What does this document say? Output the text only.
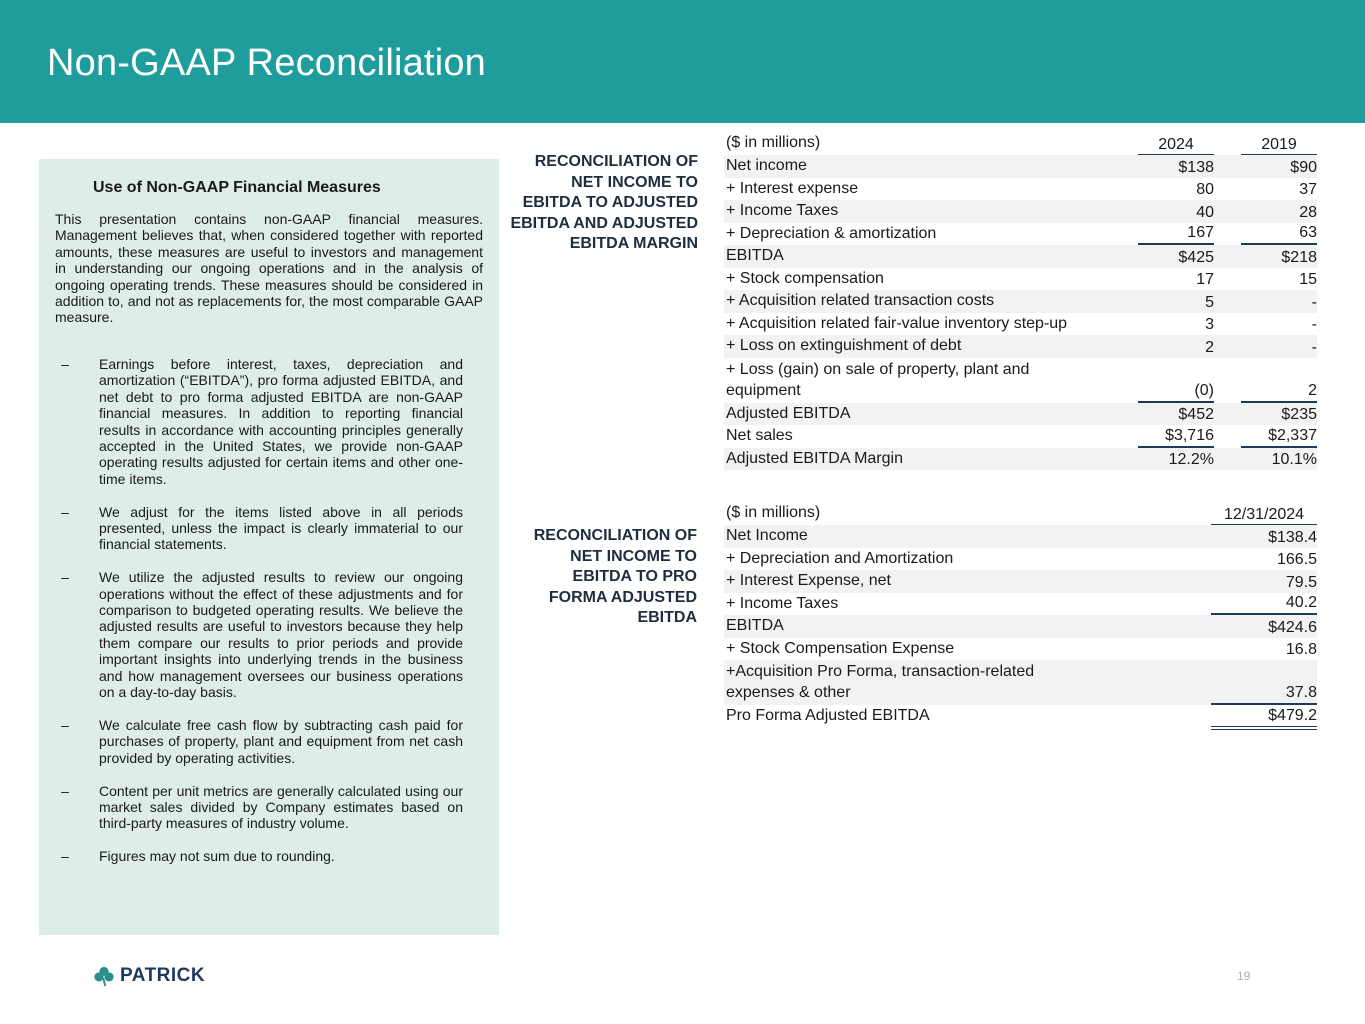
Non-GAAP Reconciliation
Use of Non-GAAP Financial Measures
This presentation contains non-GAAP financial measures. Management believes that, when considered together with reported amounts, these measures are useful to investors and management in understanding our ongoing operations and in the analysis of ongoing operating trends. These measures should be considered in addition to, and not as replacements for, the most comparable GAAP measure.
–	Earnings before interest, taxes, depreciation and amortization (“EBITDA”), pro forma adjusted EBITDA, and net debt to pro forma adjusted EBITDA are non-GAAP financial measures. In addition to reporting financial results in accordance with accounting principles generally accepted in the United States, we provide non-GAAP operating results adjusted for certain items and other one-time items.
–	We adjust for the items listed above in all periods presented, unless the impact is clearly immaterial to our financial statements.
–	We utilize the adjusted results to review our ongoing operations without the effect of these adjustments and for comparison to budgeted operating results. We believe the adjusted results are useful to investors because they help them compare our results to prior periods and provide important insights into underlying trends in the business and how management oversees our business operations on a day-to-day basis.
–	We calculate free cash flow by subtracting cash paid for purchases of property, plant and equipment from net cash provided by operating activities.
–	Content per unit metrics are generally calculated using our market sales divided by Company estimates based on third-party measures of industry volume.
–	Figures may not sum due to rounding.
RECONCILIATION OF NET INCOME TO EBITDA TO ADJUSTED EBITDA AND ADJUSTED EBITDA MARGIN
RECONCILIATION OF NET INCOME TO EBITDA TO PRO FORMA ADJUSTED EBITDA
($ in millions)	2024	2019
Net income	$138	$90
+ Interest expense	80	37
+ Income Taxes	40	28
+ Depreciation & amortization	167	63
EBITDA	$425	$218
+ Stock compensation	17	15
+ Acquisition related transaction costs	5	-
+ Acquisition related fair-value inventory step-up	3	-
+ Loss on extinguishment of debt	2	-
+ Loss (gain) on sale of property, plant and equipment	(0)	2
Adjusted EBITDA	$452	$235
Net sales	$3,716	$2,337
Adjusted EBITDA Margin	12.2%	10.1%
($ in millions)	12/31/2024
Net Income	$138.4
+ Depreciation and Amortization	166.5
+ Interest Expense, net	79.5
+ Income Taxes	40.2
EBITDA	$424.6
+ Stock Compensation Expense	16.8
+Acquisition Pro Forma, transaction-related expenses & other	37.8
Pro Forma Adjusted EBITDA	$479.2
PATRICK	19
